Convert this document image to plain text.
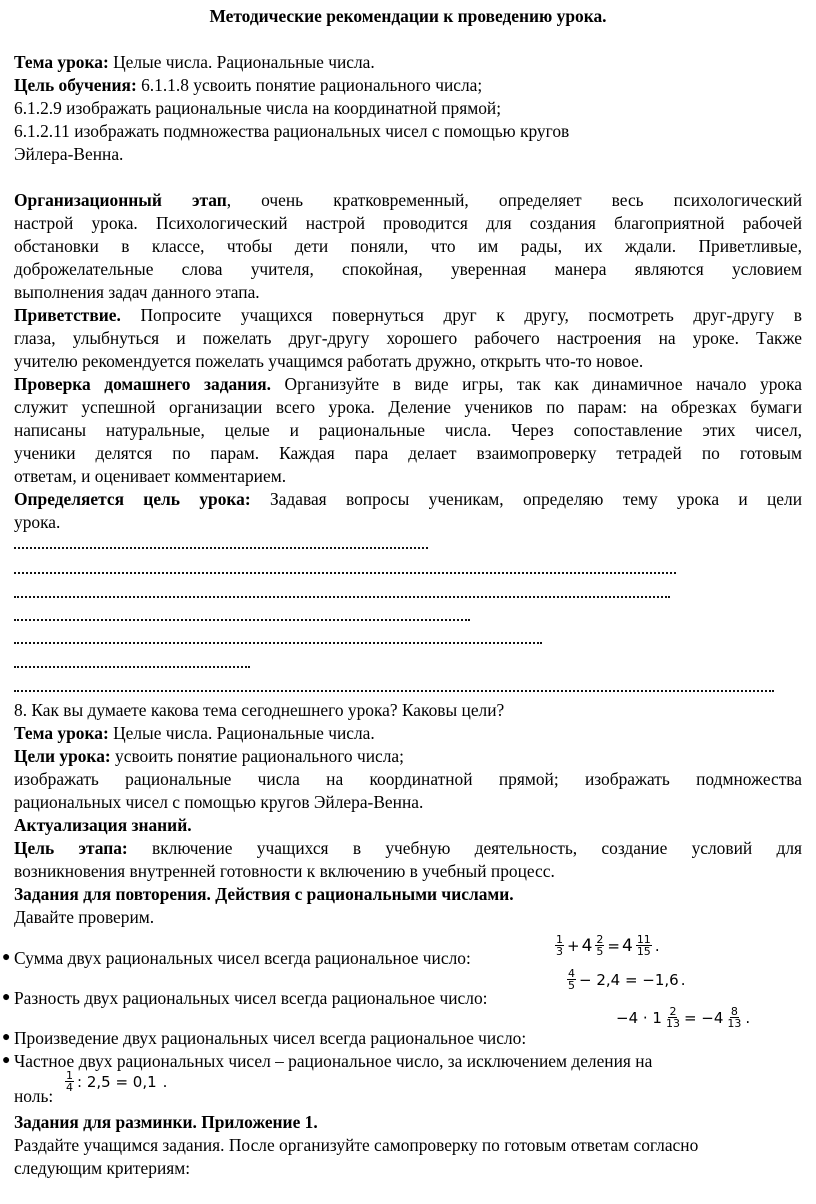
Методические рекомендации к проведению урока.
Тема урока: Целые числа. Рациональные числа.
Цель обучения: 6.1.1.8 усвоить понятие рационального числа;
6.1.2.9 изображать рациональные числа на координатной прямой;
6.1.2.11 изображать подмножества рациональных чисел с помощью кругов
Эйлера-Венна.
Организационный этап, очень кратковременный, определяет весь психологический
настрой урока. Психологический настрой проводится для создания благоприятной рабочей
обстановки в классе, чтобы дети поняли, что им рады, их ждали. Приветливые,
доброжелательные слова учителя, спокойная, уверенная манера являются условием
выполнения задач данного этапа.
Приветствие. Попросите учащихся повернуться друг к другу, посмотреть друг-другу в
глаза, улыбнуться и пожелать друг-другу хорошего рабочего настроения на уроке. Также
учителю рекомендуется пожелать учащимся работать дружно, открыть что-то новое.
Проверка домашнего задания. Организуйте в виде игры, так как динамичное начало урока
служит успешной организации всего урока. Деление учеников по парам: на обрезках бумаги
написаны натуральные, целые и рациональные числа. Через сопоставление этих чисел,
ученики делятся по парам. Каждая пара делает взаимопроверку тетрадей по готовым
ответам, и оценивает комментарием.
Определяется цель урока: Задавая вопросы ученикам, определяю тему урока и цели
урока.
8. Как вы думаете какова тема сегоднешнего урока? Каковы цели?
Тема урока: Целые числа. Рациональные числа.
Цели урока: усвоить понятие рационального числа;
изображать рациональные числа на координатной прямой; изображать подмножества
рациональных чисел с помощью кругов Эйлера-Венна.
Актуализация знаний.
Цель этапа: включение учащихся в учебную деятельность, создание условий для
возникновения внутренней готовности к включению в учебный процесс.
Задания для повторения. Действия с рациональными числами.
Давайте проверим.
● Сумма двух рациональных чисел всегда рациональное число:
$\frac{1}{3} + 4 \frac{2}{5} = 4 \frac{11}{15}$ .
● Разность двух рациональных чисел всегда рациональное число:
$\frac{4}{5} - 2,4 = -1,6$ .
● Произведение двух рациональных чисел всегда рациональное число:
$-4 \cdot 1 \frac{2}{13} = -4 \frac{8}{13}$ .
● Частное двух рациональных чисел – рациональное число, за исключением деления на
ноль:
$\frac{1}{4}$ : 2,5 = 0,1 .
Задания для разминки. Приложение 1.
Раздайте учащимся задания. После организуйте самопроверку по готовым ответам согласно
следующим критериям:
